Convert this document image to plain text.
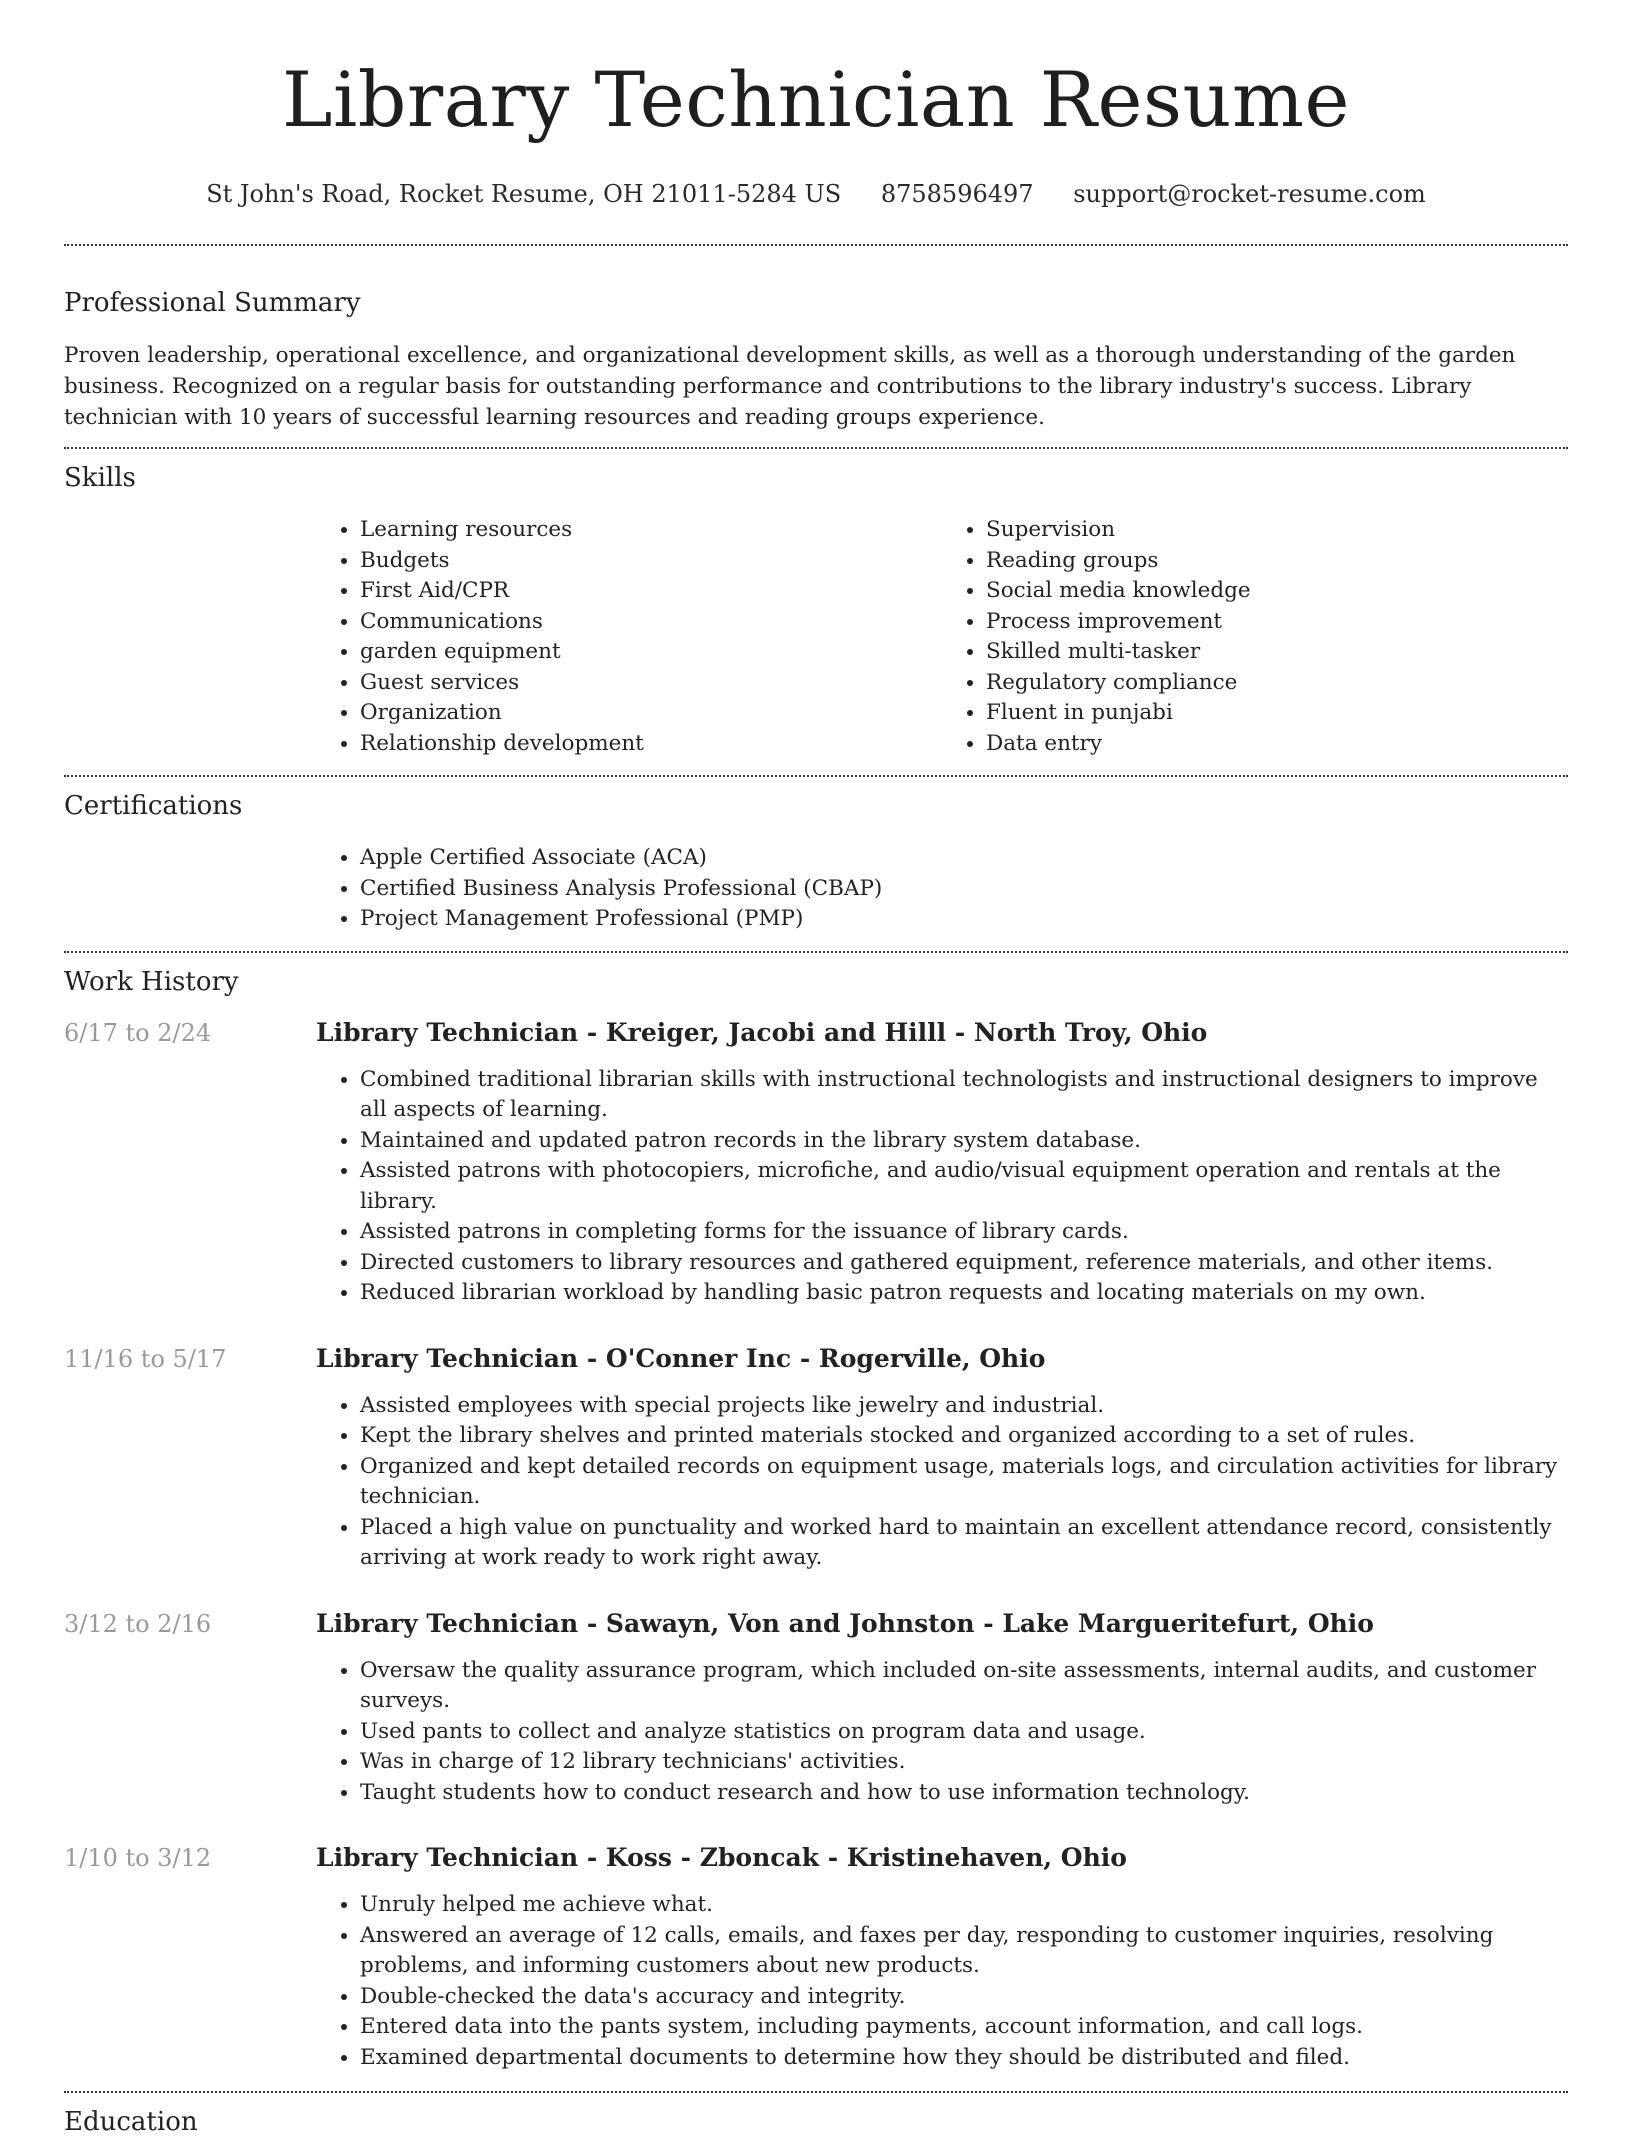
Library Technician Resume
St John's Road, Rocket Resume, OH 21011-5284 US 8758596497 support@rocket-resume.com
Professional Summary

Proven leadership, operational excellence, and organizational development skills, as well as a thorough understanding of the garden business. Recognized on a regular basis for outstanding performance and contributions to the library industry's success. Library technician with 10 years of successful learning resources and reading groups experience.

Skills
• Learning resources
• Budgets
• First Aid/CPR
• Communications
• garden equipment
• Guest services
• Organization
• Relationship development
• Supervision
• Reading groups
• Social media knowledge
• Process improvement
• Skilled multi-tasker
• Regulatory compliance
• Fluent in punjabi
• Data entry
Certifications
• Apple Certified Associate (ACA)
• Certified Business Analysis Professional (CBAP)
• Project Management Professional (PMP)
Work History
6/17 to 2/24	Library Technician - Kreiger, Jacobi and Hilll - North Troy, Ohio
• Combined traditional librarian skills with instructional technologists and instructional designers to improve all aspects of learning.
• Maintained and updated patron records in the library system database.
• Assisted patrons with photocopiers, microfiche, and audio/visual equipment operation and rentals at the library.
• Assisted patrons in completing forms for the issuance of library cards.
• Directed customers to library resources and gathered equipment, reference materials, and other items.
• Reduced librarian workload by handling basic patron requests and locating materials on my own.
11/16 to 5/17	Library Technician - O'Conner Inc - Rogerville, Ohio
• Assisted employees with special projects like jewelry and industrial.
• Kept the library shelves and printed materials stocked and organized according to a set of rules.
• Organized and kept detailed records on equipment usage, materials logs, and circulation activities for library technician.
• Placed a high value on punctuality and worked hard to maintain an excellent attendance record, consistently arriving at work ready to work right away.
3/12 to 2/16	Library Technician - Sawayn, Von and Johnston - Lake Margueritefurt, Ohio
• Oversaw the quality assurance program, which included on-site assessments, internal audits, and customer surveys.
• Used pants to collect and analyze statistics on program data and usage.
• Was in charge of 12 library technicians' activities.
• Taught students how to conduct research and how to use information technology.
1/10 to 3/12	Library Technician - Koss - Zboncak - Kristinehaven, Ohio
• Unruly helped me achieve what.
• Answered an average of 12 calls, emails, and faxes per day, responding to customer inquiries, resolving problems, and informing customers about new products.
• Double-checked the data's accuracy and integrity.
• Entered data into the pants system, including payments, account information, and call logs.
• Examined departmental documents to determine how they should be distributed and filed.
Education
